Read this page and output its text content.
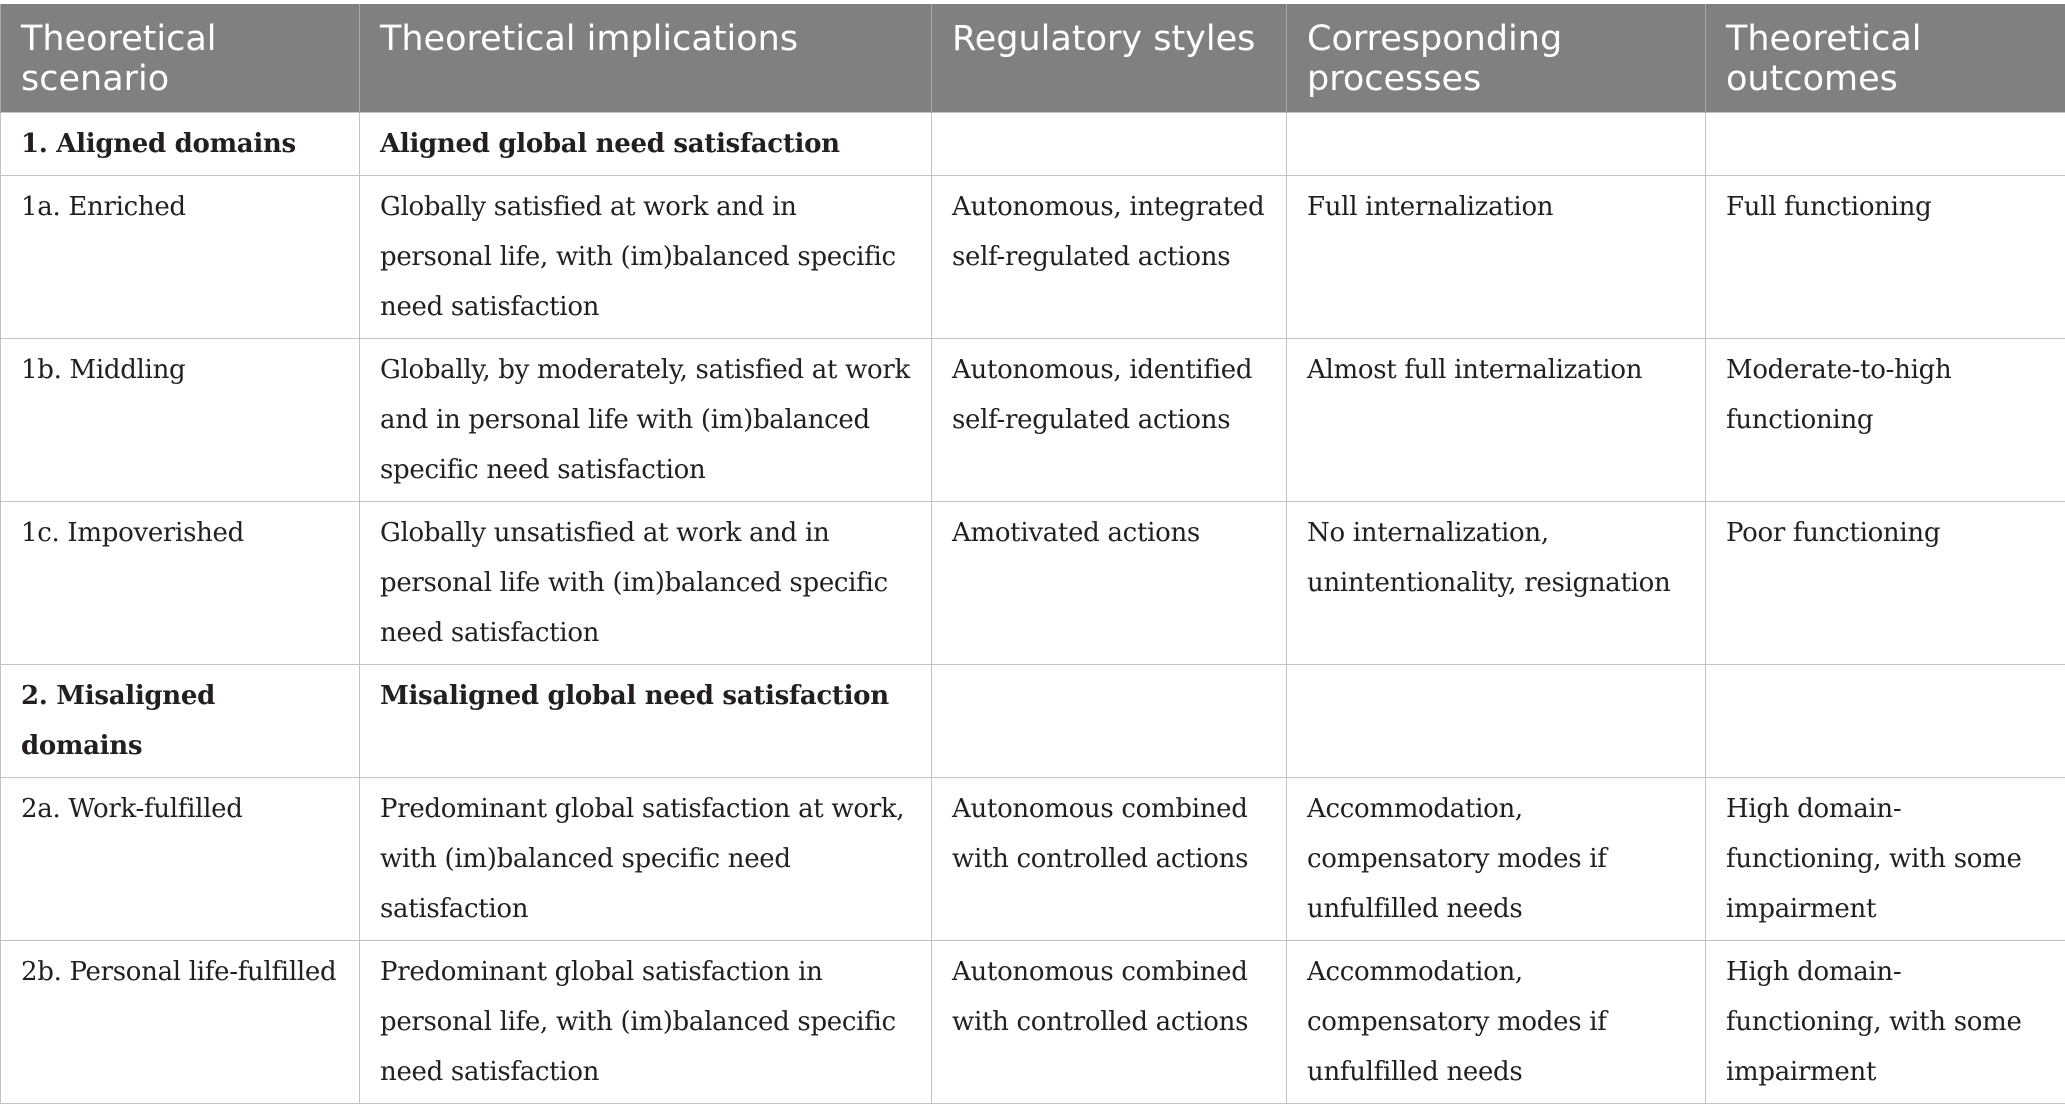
Theoretical scenario	Theoretical implications	Regulatory styles	Corresponding processes	Theoretical outcomes
1. Aligned domains	Aligned global need satisfaction			
1a. Enriched	Globally satisfied at work and in personal life, with (im)balanced specific need satisfaction	Autonomous, integrated self-regulated actions	Full internalization	Full functioning
1b. Middling	Globally, by moderately, satisfied at work and in personal life with (im)balanced specific need satisfaction	Autonomous, identified self-regulated actions	Almost full internalization	Moderate-to-high functioning
1c. Impoverished	Globally unsatisfied at work and in personal life with (im)balanced specific need satisfaction	Amotivated actions	No internalization, unintentionality, resignation	Poor functioning
2. Misaligned domains	Misaligned global need satisfaction			
2a. Work-fulfilled	Predominant global satisfaction at work, with (im)balanced specific need satisfaction	Autonomous combined with controlled actions	Accommodation, compensatory modes if unfulfilled needs	High domain- functioning, with some impairment
2b. Personal life-fulfilled	Predominant global satisfaction in personal life, with (im)balanced specific need satisfaction	Autonomous combined with controlled actions	Accommodation, compensatory modes if unfulfilled needs	High domain- functioning, with some impairment
